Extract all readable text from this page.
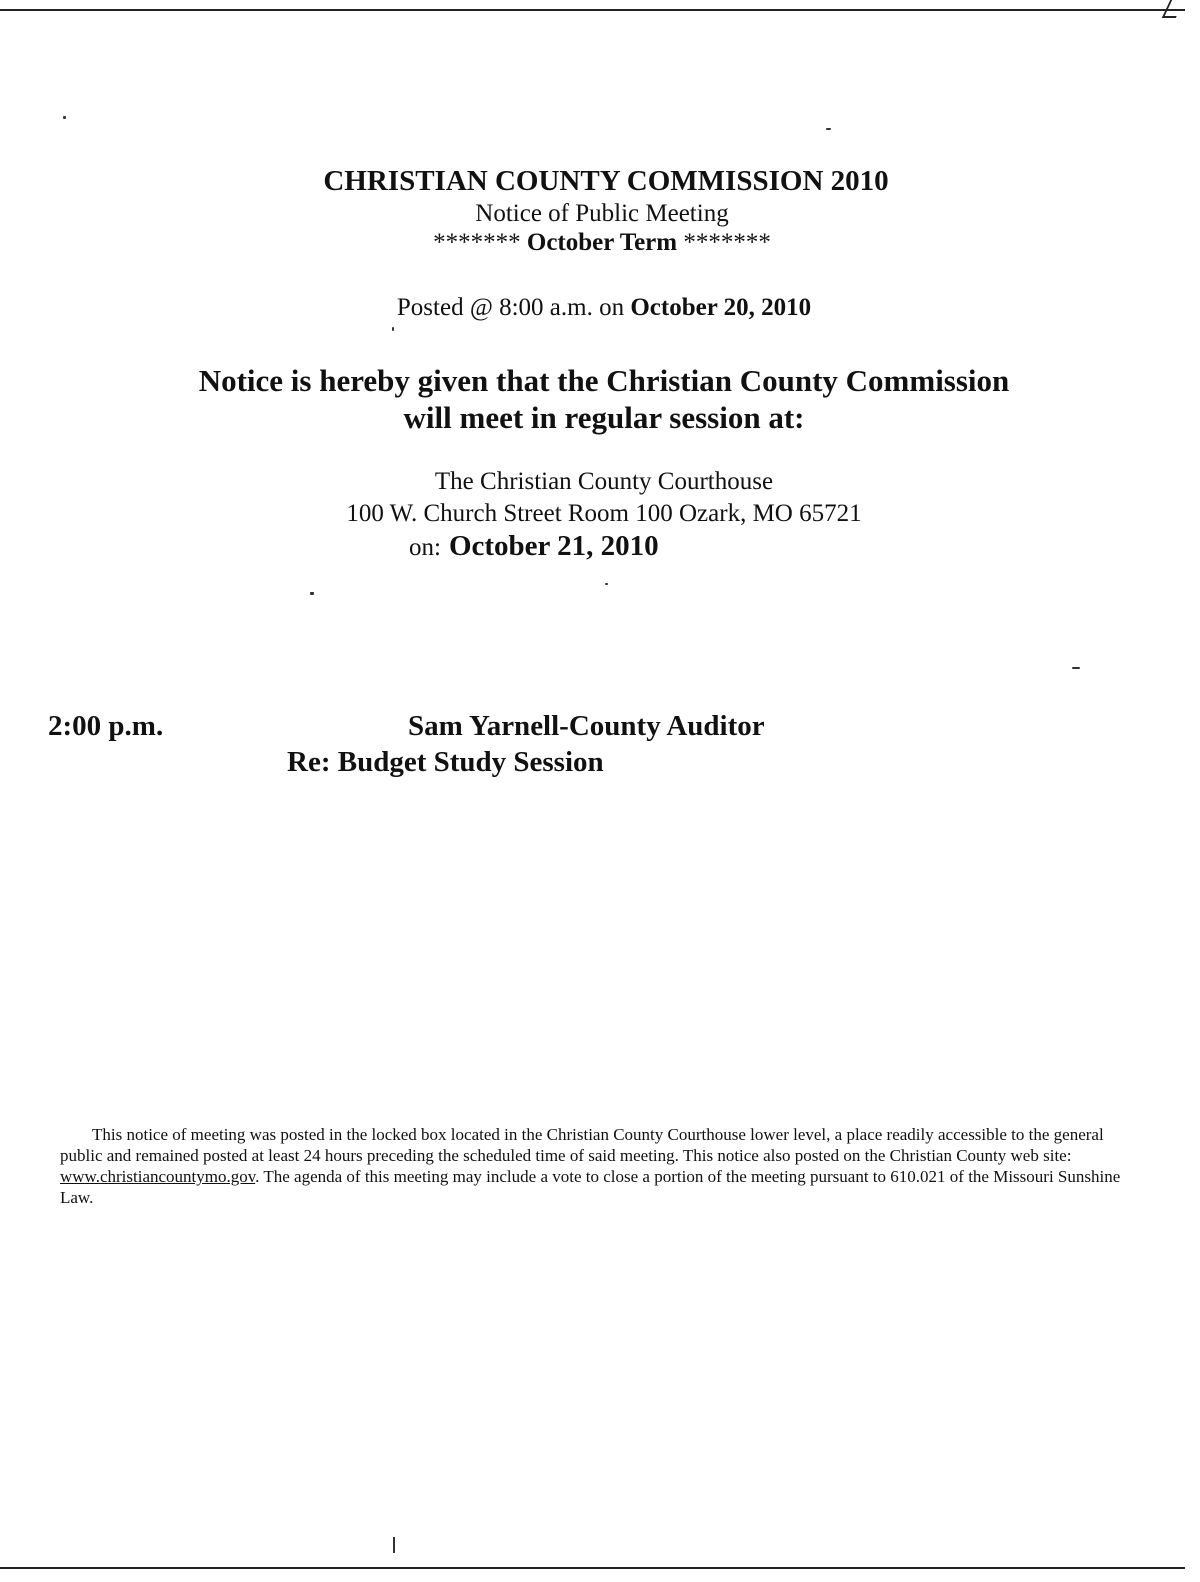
CHRISTIAN COUNTY COMMISSION 2010
Notice of Public Meeting
******* October Term *******
Posted @ 8:00 a.m. on October 20, 2010
Notice is hereby given that the Christian County Commission
will meet in regular session at:
The Christian County Courthouse
100 W. Church Street Room 100 Ozark, MO 65721
on: October 21, 2010
2:00 p.m.	Sam Yarnell-County Auditor
Re: Budget Study Session

This notice of meeting was posted in the locked box located in the Christian County Courthouse lower level, a place readily accessible to the general public and remained posted at least 24 hours preceding the scheduled time of said meeting. This notice also posted on the Christian County web site: www.christiancountymo.gov. The agenda of this meeting may include a vote to close a portion of the meeting pursuant to 610.021 of the Missouri Sunshine Law.
